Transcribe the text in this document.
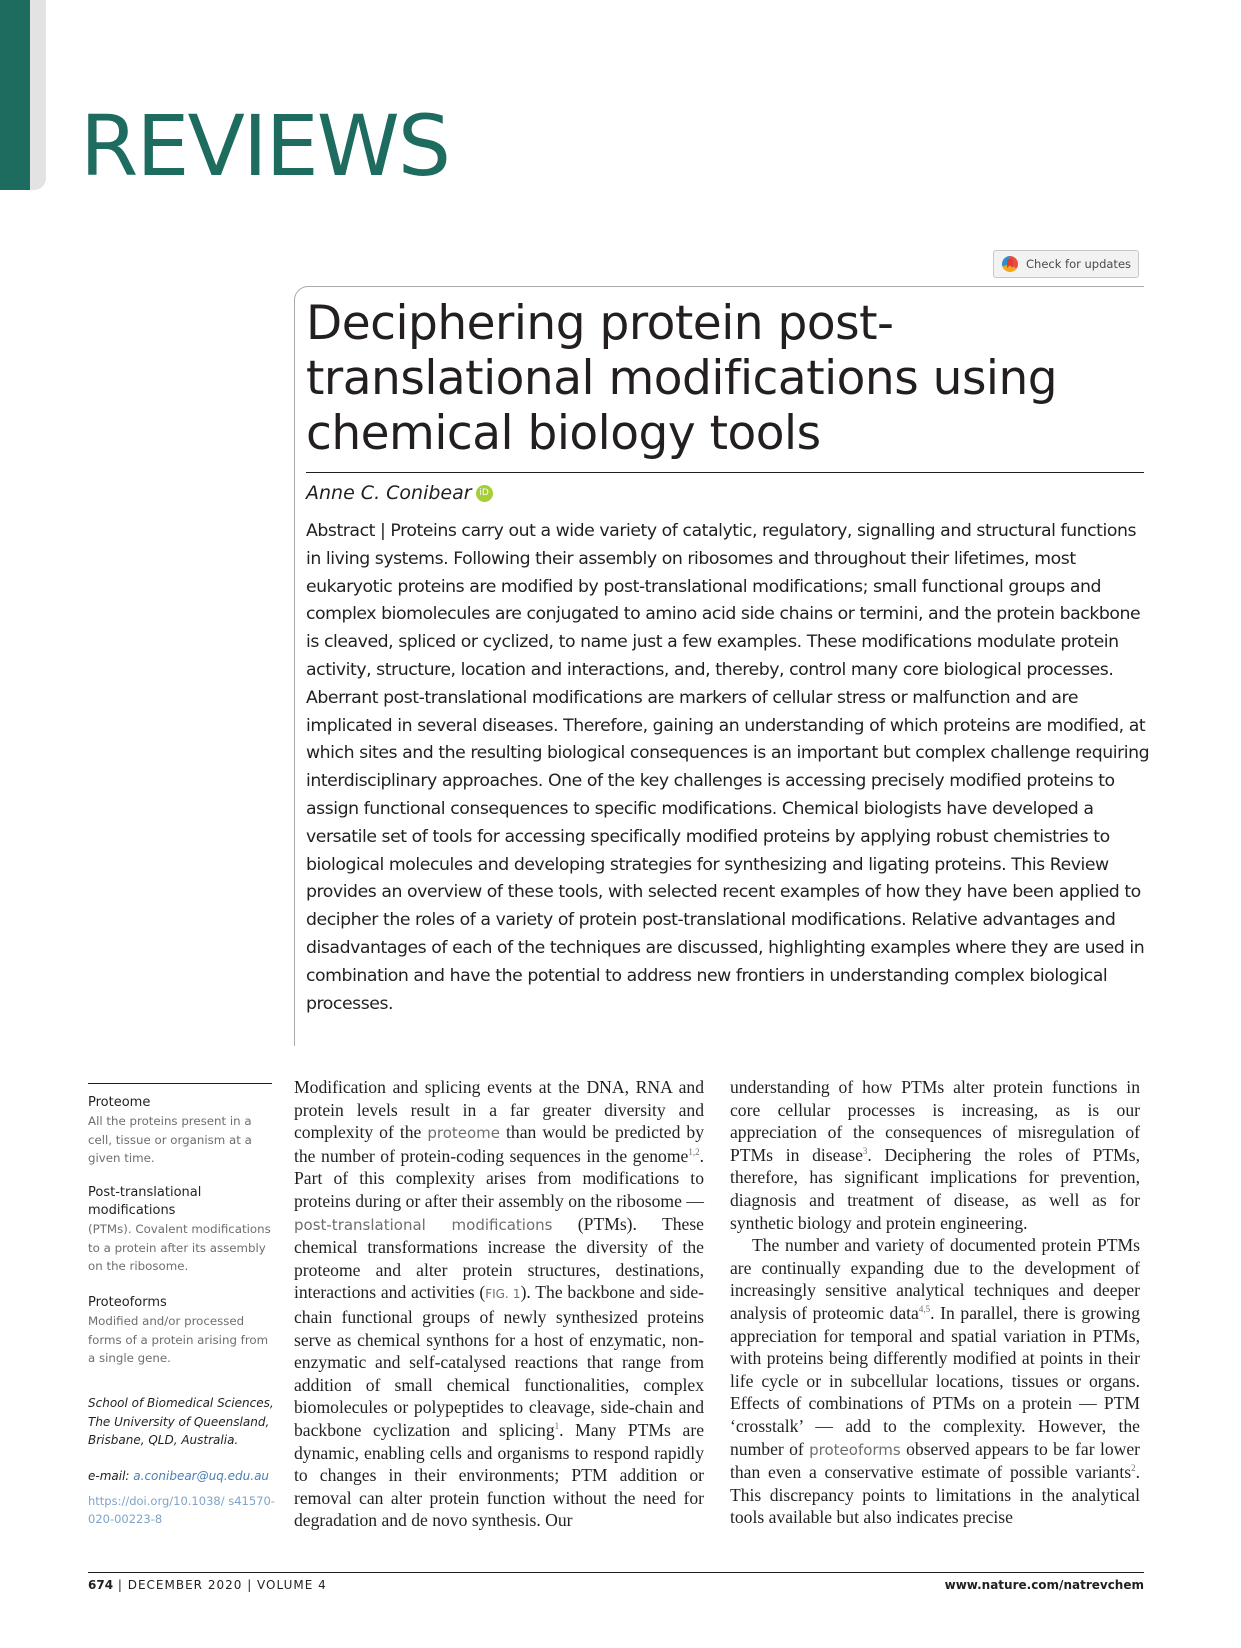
REVIEWS
Check for updates
Deciphering protein post-translational modifications using chemical biology tools
Anne C. Conibear iD

Abstract | Proteins carry out a wide variety of catalytic, regulatory, signalling and structural functions in living systems. Following their assembly on ribosomes and throughout their lifetimes, most eukaryotic proteins are modified by post-translational modifications; small functional groups and complex biomolecules are conjugated to amino acid side chains or termini, and the protein backbone is cleaved, spliced or cyclized, to name just a few examples. These modifications modulate protein activity, structure, location and interactions, and, thereby, control many core biological processes. Aberrant post-translational modifications are markers of cellular stress or malfunction and are implicated in several diseases. Therefore, gaining an understanding of which proteins are modified, at which sites and the resulting biological consequences is an important but complex challenge requiring interdisciplinary approaches. One of the key challenges is accessing precisely modified proteins to assign functional consequences to specific modifications. Chemical biologists have developed a versatile set of tools for accessing specifically modified proteins by applying robust chemistries to biological molecules and developing strategies for synthesizing and ligating proteins. This Review provides an overview of these tools, with selected recent examples of how they have been applied to decipher the roles of a variety of protein post-translational modifications. Relative advantages and disadvantages of each of the techniques are discussed, highlighting examples where they are used in combination and have the potential to address new frontiers in understanding complex biological processes.

Proteome
All the proteins present in a cell, tissue or organism at a given time.
Post-translational modifications
(PTMs). Covalent modifications to a protein after its assembly on the ribosome.
Proteoforms
Modified and/or processed forms of a protein arising from a single gene.
School of Biomedical Sciences, The University of Queensland, Brisbane, QLD, Australia.
e-mail: a.conibear@uq.edu.au
https://doi.org/10.1038/ s41570-020-00223-8

Modification and splicing events at the DNA, RNA and protein levels result in a far greater diversity and complexity of the proteome than would be predicted by the number of protein-coding sequences in the genome$^{1,2}$. Part of this complexity arises from modifications to proteins during or after their assembly on the ribosome — post-translational modifications (PTMs). These chemical transformations increase the diversity of the proteome and alter protein structures, destinations, interactions and activities (FIG. 1). The backbone and side-chain functional groups of newly synthesized proteins serve as chemical synthons for a host of enzymatic, non-enzymatic and self-catalysed reactions that range from addition of small chemical functionalities, complex biomolecules or polypeptides to cleavage, side-chain and backbone cyclization and splicing$^1$. Many PTMs are dynamic, enabling cells and organisms to respond rapidly to changes in their environments; PTM addition or removal can alter protein function without the need for degradation and de novo synthesis. Our

understanding of how PTMs alter protein functions in core cellular processes is increasing, as is our appreciation of the consequences of misregulation of PTMs in disease$^3$. Deciphering the roles of PTMs, therefore, has significant implications for prevention, diagnosis and treatment of disease, as well as for synthetic biology and protein engineering.

The number and variety of documented protein PTMs are continually expanding due to the development of increasingly sensitive analytical techniques and deeper analysis of proteomic data$^{4,5}$. In parallel, there is growing appreciation for temporal and spatial variation in PTMs, with proteins being differently modified at points in their life cycle or in subcellular locations, tissues or organs. Effects of combinations of PTMs on a protein — PTM ‘crosstalk’ — add to the complexity. However, the number of proteoforms observed appears to be far lower than even a conservative estimate of possible variants$^2$. This discrepancy points to limitations in the analytical tools available but also indicates precise

674 | DECEMBER 2020 | VOLUME 4	www.nature.com/natrevchem
